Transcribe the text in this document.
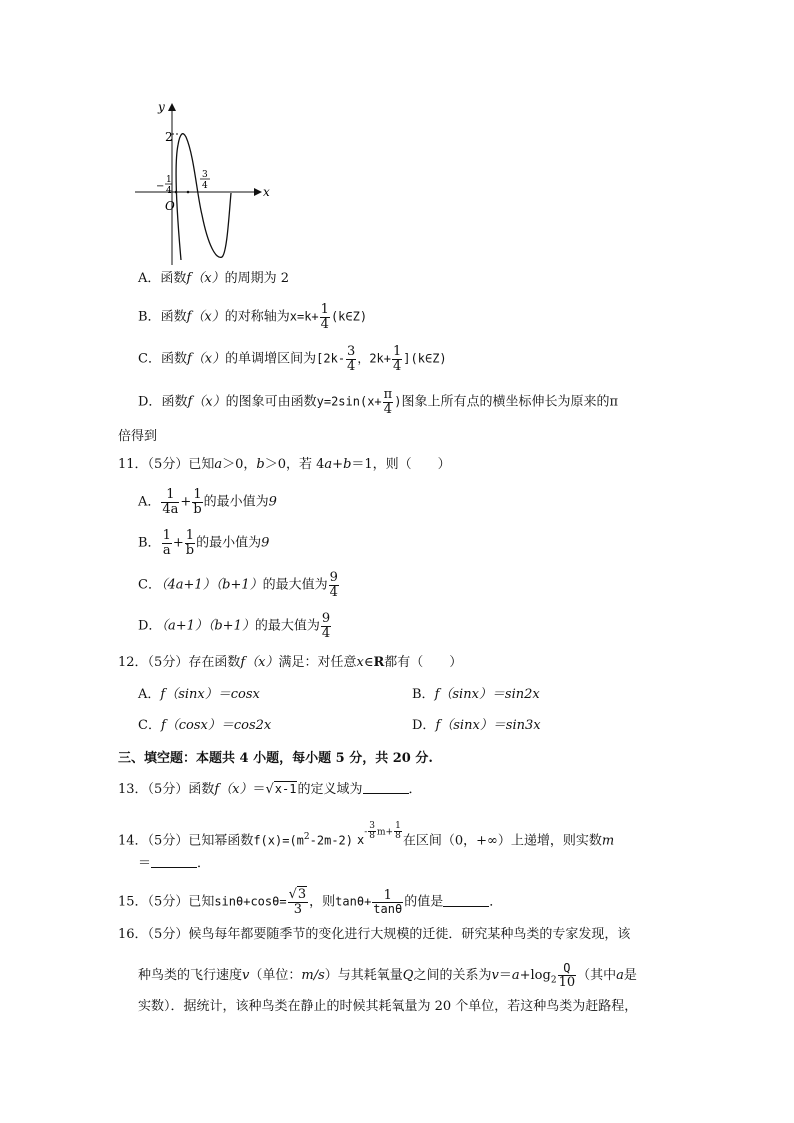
y
x
O
2
−
1
4
3
4
A．函数f（x）的周期为 2
B．函数f（x）的对称轴为$x=k+ \frac{1}{4}$ (k∈Z)
C．函数f（x）的单调增区间为[$2k- \frac{3}{4}$ ，$2k+ \frac{1}{4}$ ](k∈Z)
D．函数f（x）的图象可由函数$y=2\sin(x+ \frac{\pi}{4}$ )图象上所有点的横坐标伸长为原来的π
倍得到
11．（5分）已知a＞0，b＞0，若 4a+b＝1，则（　　）
A． $\frac{1}{4a} + \frac{1}{b}$ 的最小值为9
B． $\frac{1}{a} + \frac{1}{b}$ 的最小值为9
C．（4a+1）（b+1）的最大值为 $\frac{9}{4}$
D．（a+1）（b+1）的最大值为 $\frac{9}{4}$
12．（5分）存在函数f（x）满足：对任意x∈R都有（　　）
A．f（sinx）＝cosx	B．f（sinx）＝sin2x
C．f（cosx）＝cos2x	D．f（sinx）＝sin3x
三、填空题：本题共 4 小题，每小题 5 分，共 20 分.
13．（5分）函数f（x）＝√x-1的定义域为	．
14．（5分）已知幂函数$f(x)=(m^2-2m-2)$ $x- \frac{3}{8} m+ \frac{1}{8}$ 在区间（0，+∞）上递增，则实数m
＝	．
15．（5分）已知$\sin\theta+\cos\theta= \frac{√3}{3}$ ，则$\tan\theta+ \frac{1}{\tan\theta}$ 的值是	．
16．（5分）候鸟每年都要随季节的变化进行大规模的迁徙．研究某种鸟类的专家发现，该
种鸟类的飞行速度v（单位：m/s）与其耗氧量Q之间的关系为$v=a+\log_2 \frac{Q}{10}$ （其中a是
实数）．据统计，该种鸟类在静止的时候其耗氧量为 20 个单位，若这种鸟类为赶路程，
